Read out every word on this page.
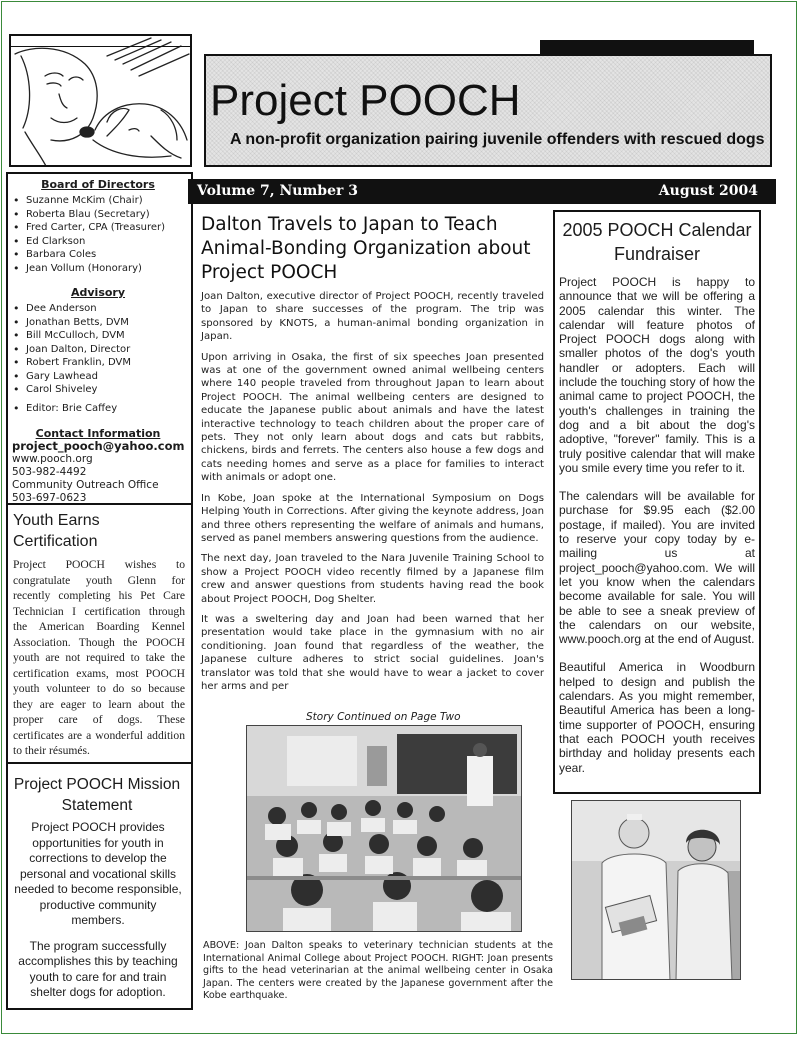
Project POOCH
A non-profit organization pairing juvenile offenders with rescued dogs
Volume 7, Number 3	August 2004
Board of Directors
• Suzanne McKim (Chair)
• Roberta Blau (Secretary)
• Fred Carter, CPA (Treasurer)
• Ed Clarkson
• Barbara Coles
• Jean Vollum (Honorary)
Advisory
• Dee Anderson
• Jonathan Betts, DVM
• Bill McCulloch, DVM
• Joan Dalton, Director
• Robert Franklin, DVM
• Gary Lawhead
• Carol Shiveley
• Editor: Brie Caffey
Contact Information
project_pooch@yahoo.com
www.pooch.org
503-982-4492
Community Outreach Office
503-697-0623
Youth Earns Certification
Project POOCH wishes to congratulate youth Glenn for recently completing his Pet Care Technician I certification through the American Boarding Kennel Association. Though the POOCH youth are not required to take the certification exams, most POOCH youth volunteer to do so because they are eager to learn about the proper care of dogs. These certificates are a wonderful addition to their résumés.
Project POOCH Mission Statement

Project POOCH provides opportunities for youth in corrections to develop the personal and vocational skills needed to become responsible, productive community members.

The program successfully accomplishes this by teaching youth to care for and train shelter dogs for adoption.

Dalton Travels to Japan to Teach Animal-Bonding Organization about Project POOCH

Joan Dalton, executive director of Project POOCH, recently traveled to Japan to share successes of the program. The trip was sponsored by KNOTS, a human-animal bonding organization in Japan.

Upon arriving in Osaka, the first of six speeches Joan presented was at one of the government owned animal wellbeing centers where 140 people traveled from throughout Japan to learn about Project POOCH. The animal wellbeing centers are designed to educate the Japanese public about animals and have the latest interactive technology to teach children about the proper care of pets. They not only learn about dogs and cats but rabbits, chickens, birds and ferrets. The centers also house a few dogs and cats needing homes and serve as a place for families to interact with animals or adopt one.

In Kobe, Joan spoke at the International Symposium on Dogs Helping Youth in Corrections. After giving the keynote address, Joan and three others representing the welfare of animals and humans, served as panel members answering questions from the audience.

The next day, Joan traveled to the Nara Juvenile Training School to show a Project POOCH video recently filmed by a Japanese film crew and answer questions from students having read the book about Project POOCH, Dog Shelter.

It was a sweltering day and Joan had been warned that her presentation would take place in the gymnasium with no air conditioning. Joan found that regardless of the weather, the Japanese culture adheres to strict social guidelines. Joan's translator was told that she would have to wear a jacket to cover her arms and per

Story Continued on Page Two
2005 POOCH Calendar Fundraiser

Project POOCH is happy to announce that we will be offering a 2005 calendar this winter. The calendar will feature photos of Project POOCH dogs along with smaller photos of the dog's youth handler or adopters. Each will include the touching story of how the animal came to project POOCH, the youth's challenges in training the dog and a bit about the dog's adoptive, "forever" family. This is a truly positive calendar that will make you smile every time you refer to it.

The calendars will be available for purchase for $9.95 each ($2.00 postage, if mailed). You are invited to reserve your copy today by e-mailing us at project_pooch@yahoo.com. We will let you know when the calendars become available for sale. You will be able to see a sneak preview of the calendars on our website, www.pooch.org at the end of August.

Beautiful America in Woodburn helped to design and publish the calendars. As you might remember, Beautiful America has been a long-time supporter of POOCH, ensuring that each POOCH youth receives birthday and holiday presents each year.

ABOVE: Joan Dalton speaks to veterinary technician students at the International Animal College about Project POOCH. RIGHT: Joan presents gifts to the head veterinarian at the animal wellbeing center in Osaka Japan. The centers were created by the Japanese government after the Kobe earthquake.
